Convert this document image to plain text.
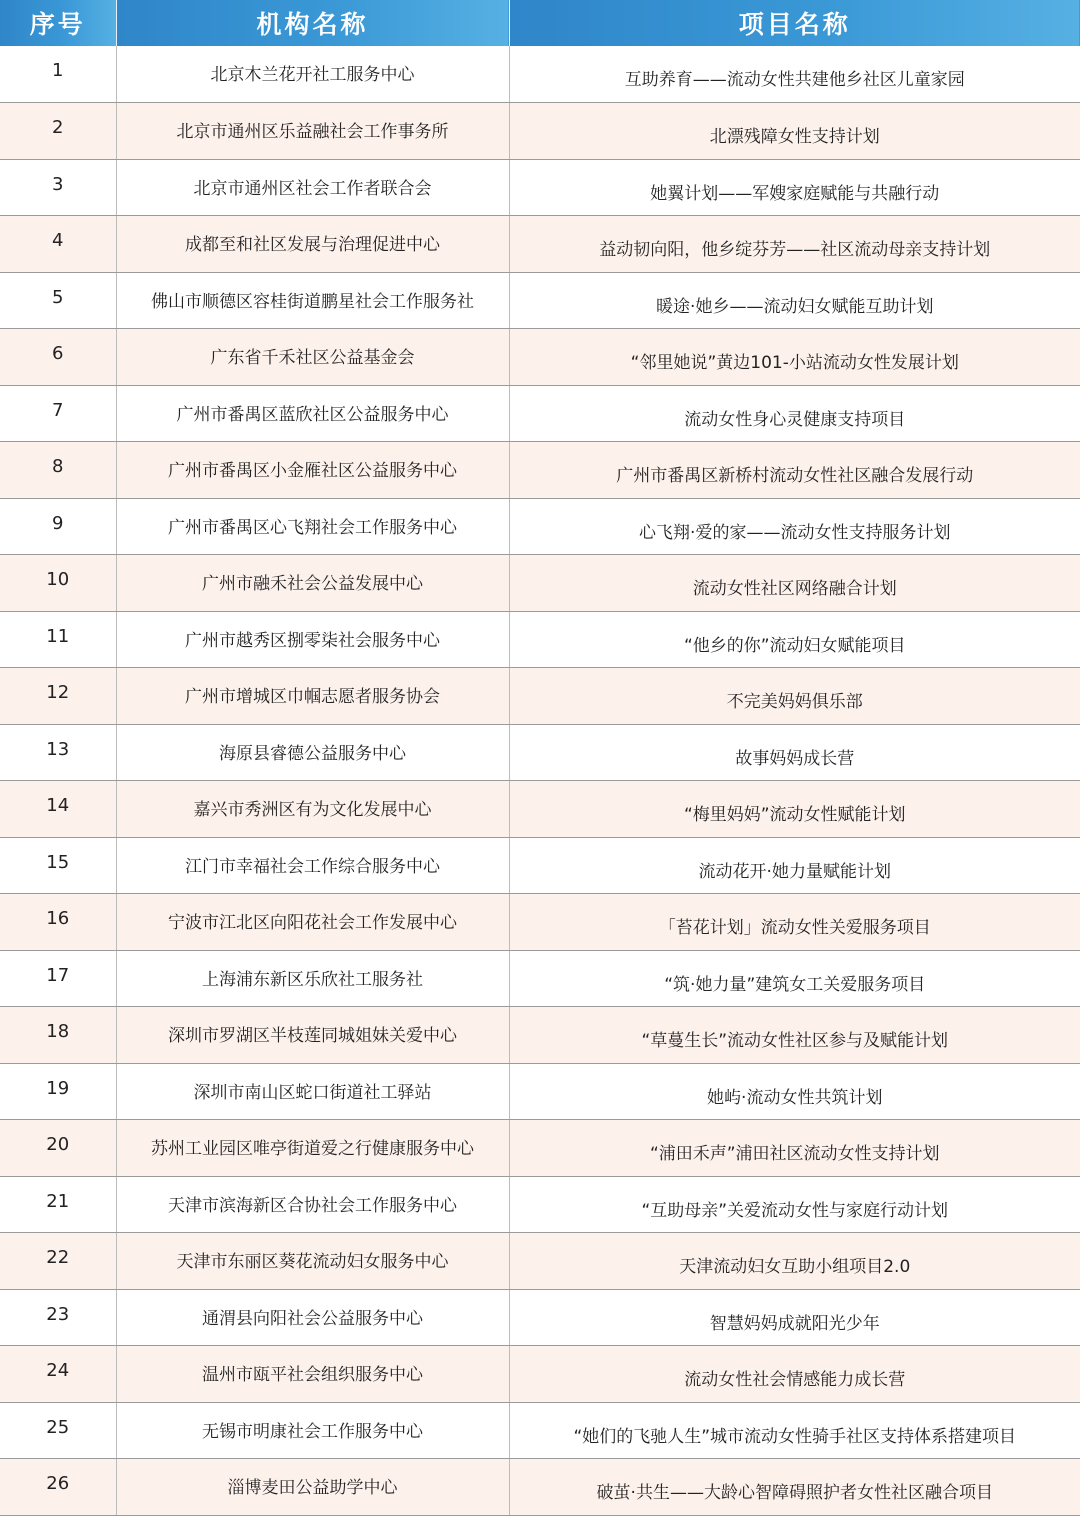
序号	机构名称	项目名称
1	北京木兰花开社工服务中心	互助养育——流动女性共建他乡社区儿童家园
2	北京市通州区乐益融社会工作事务所	北漂残障女性支持计划
3	北京市通州区社会工作者联合会	她翼计划——军嫂家庭赋能与共融行动
4	成都至和社区发展与治理促进中心	益动韧向阳，他乡绽芬芳——社区流动母亲支持计划
5	佛山市顺德区容桂街道鹏星社会工作服务社	暖途·她乡——流动妇女赋能互助计划
6	广东省千禾社区公益基金会	“邻里她说”黄边101-小站流动女性发展计划
7	广州市番禺区蓝欣社区公益服务中心	流动女性身心灵健康支持项目
8	广州市番禺区小金雁社区公益服务中心	广州市番禺区新桥村流动女性社区融合发展行动
9	广州市番禺区心飞翔社会工作服务中心	心飞翔·爱的家——流动女性支持服务计划
10	广州市融禾社会公益发展中心	流动女性社区网络融合计划
11	广州市越秀区捌零柒社会服务中心	“他乡的你”流动妇女赋能项目
12	广州市增城区巾帼志愿者服务协会	不完美妈妈俱乐部
13	海原县睿德公益服务中心	故事妈妈成长营
14	嘉兴市秀洲区有为文化发展中心	“梅里妈妈”流动女性赋能计划
15	江门市幸福社会工作综合服务中心	流动花开·她力量赋能计划
16	宁波市江北区向阳花社会工作发展中心	「苔花计划」流动女性关爱服务项目
17	上海浦东新区乐欣社工服务社	“筑·她力量”建筑女工关爱服务项目
18	深圳市罗湖区半枝莲同城姐妹关爱中心	“草蔓生长”流动女性社区参与及赋能计划
19	深圳市南山区蛇口街道社工驿站	她屿·流动女性共筑计划
20	苏州工业园区唯亭街道爱之行健康服务中心	“浦田禾声”浦田社区流动女性支持计划
21	天津市滨海新区合协社会工作服务中心	“互助母亲”关爱流动女性与家庭行动计划
22	天津市东丽区葵花流动妇女服务中心	天津流动妇女互助小组项目2.0
23	通渭县向阳社会公益服务中心	智慧妈妈成就阳光少年
24	温州市瓯平社会组织服务中心	流动女性社会情感能力成长营
25	无锡市明康社会工作服务中心	“她们的飞驰人生”城市流动女性骑手社区支持体系搭建项目
26	淄博麦田公益助学中心	破茧·共生——大龄心智障碍照护者女性社区融合项目
